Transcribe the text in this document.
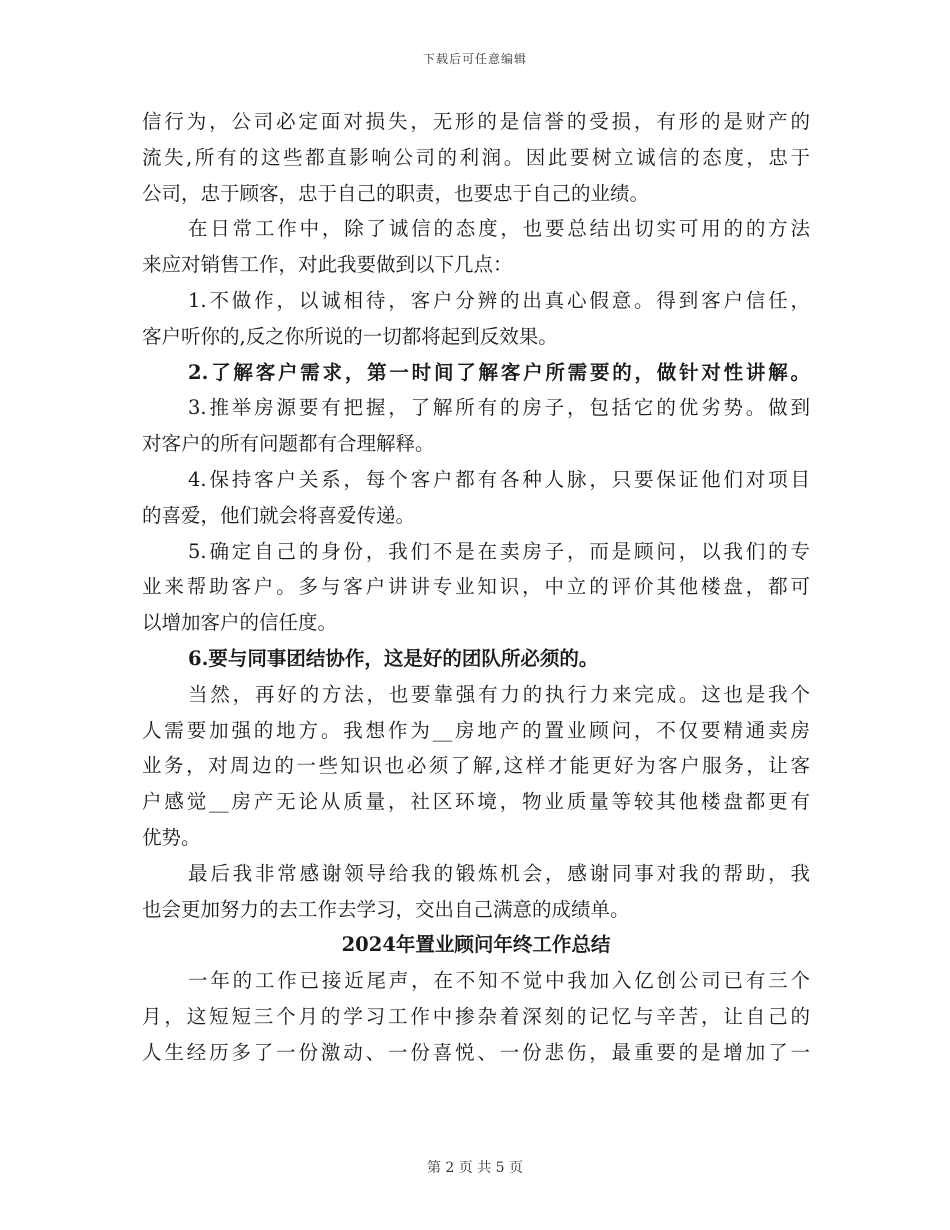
下载后可任意编辑
信行为，公司必定面对损失，无形的是信誉的受损，有形的是财产的
流失,所有的这些都直影响公司的利润。因此要树立诚信的态度，忠于
公司，忠于顾客，忠于自己的职责，也要忠于自己的业绩。
在日常工作中，除了诚信的态度，也要总结出切实可用的的方法
来应对销售工作，对此我要做到以下几点：
1.不做作，以诚相待，客户分辨的出真心假意。得到客户信任，
客户听你的,反之你所说的一切都将起到反效果。
2.了解客户需求，第一时间了解客户所需要的，做针对性讲解。
3.推举房源要有把握，了解所有的房子，包括它的优劣势。做到
对客户的所有问题都有合理解释。
4.保持客户关系，每个客户都有各种人脉，只要保证他们对项目
的喜爱，他们就会将喜爱传递。
5.确定自己的身份，我们不是在卖房子，而是顾问，以我们的专
业来帮助客户。多与客户讲讲专业知识，中立的评价其他楼盘，都可
以增加客户的信任度。
6.要与同事团结协作，这是好的团队所必须的。
当然，再好的方法，也要靠强有力的执行力来完成。这也是我个
人需要加强的地方。我想作为__房地产的置业顾问，不仅要精通卖房
业务，对周边的一些知识也必须了解,这样才能更好为客户服务，让客
户感觉__房产无论从质量，社区环境，物业质量等较其他楼盘都更有
优势。
最后我非常感谢领导给我的锻炼机会，感谢同事对我的帮助，我
也会更加努力的去工作去学习，交出自己满意的成绩单。
2024年置业顾问年终工作总结
一年的工作已接近尾声，在不知不觉中我加入亿创公司已有三个
月，这短短三个月的学习工作中掺杂着深刻的记忆与辛苦，让自己的
人生经历多了一份激动、一份喜悦、一份悲伤，最重要的是增加了一
第 2 页 共 5 页
